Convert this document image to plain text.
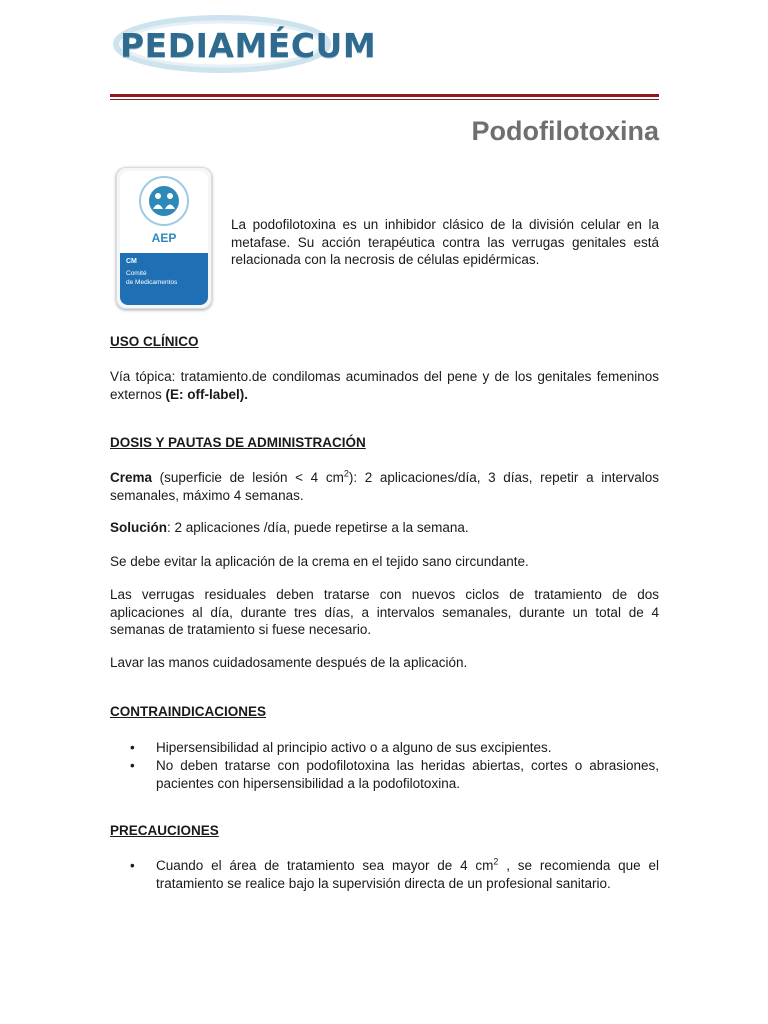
PEDIAMÉCUM
Podofilotoxina
AEP
CM
Comité
de Medicamentos

La podofilotoxina es un inhibidor clásico de la división celular en la metafase. Su acción terapéutica contra las verrugas genitales está relacionada con la necrosis de células epidérmicas.

USO CLÍNICO

Vía tópica: tratamiento.de condilomas acuminados del pene y de los genitales femeninos externos (E: off-label).

DOSIS Y PAUTAS DE ADMINISTRACIÓN

Crema (superficie de lesión < 4 $cm^2$): 2 aplicaciones/día, 3 días, repetir a intervalos semanales, máximo 4 semanas.

Solución: 2 aplicaciones /día, puede repetirse a la semana.

Se debe evitar la aplicación de la crema en el tejido sano circundante.

Las verrugas residuales deben tratarse con nuevos ciclos de tratamiento de dos aplicaciones al día, durante tres días, a intervalos semanales, durante un total de 4 semanas de tratamiento si fuese necesario.

Lavar las manos cuidadosamente después de la aplicación.

CONTRAINDICACIONES
• Hipersensibilidad al principio activo o a alguno de sus excipientes.
• No deben tratarse con podofilotoxina las heridas abiertas, cortes o abrasiones, pacientes con hipersensibilidad a la podofilotoxina.
PRECAUCIONES
• Cuando el área de tratamiento sea mayor de 4 $cm^2$ , se recomienda que el tratamiento se realice bajo la supervisión directa de un profesional sanitario.
